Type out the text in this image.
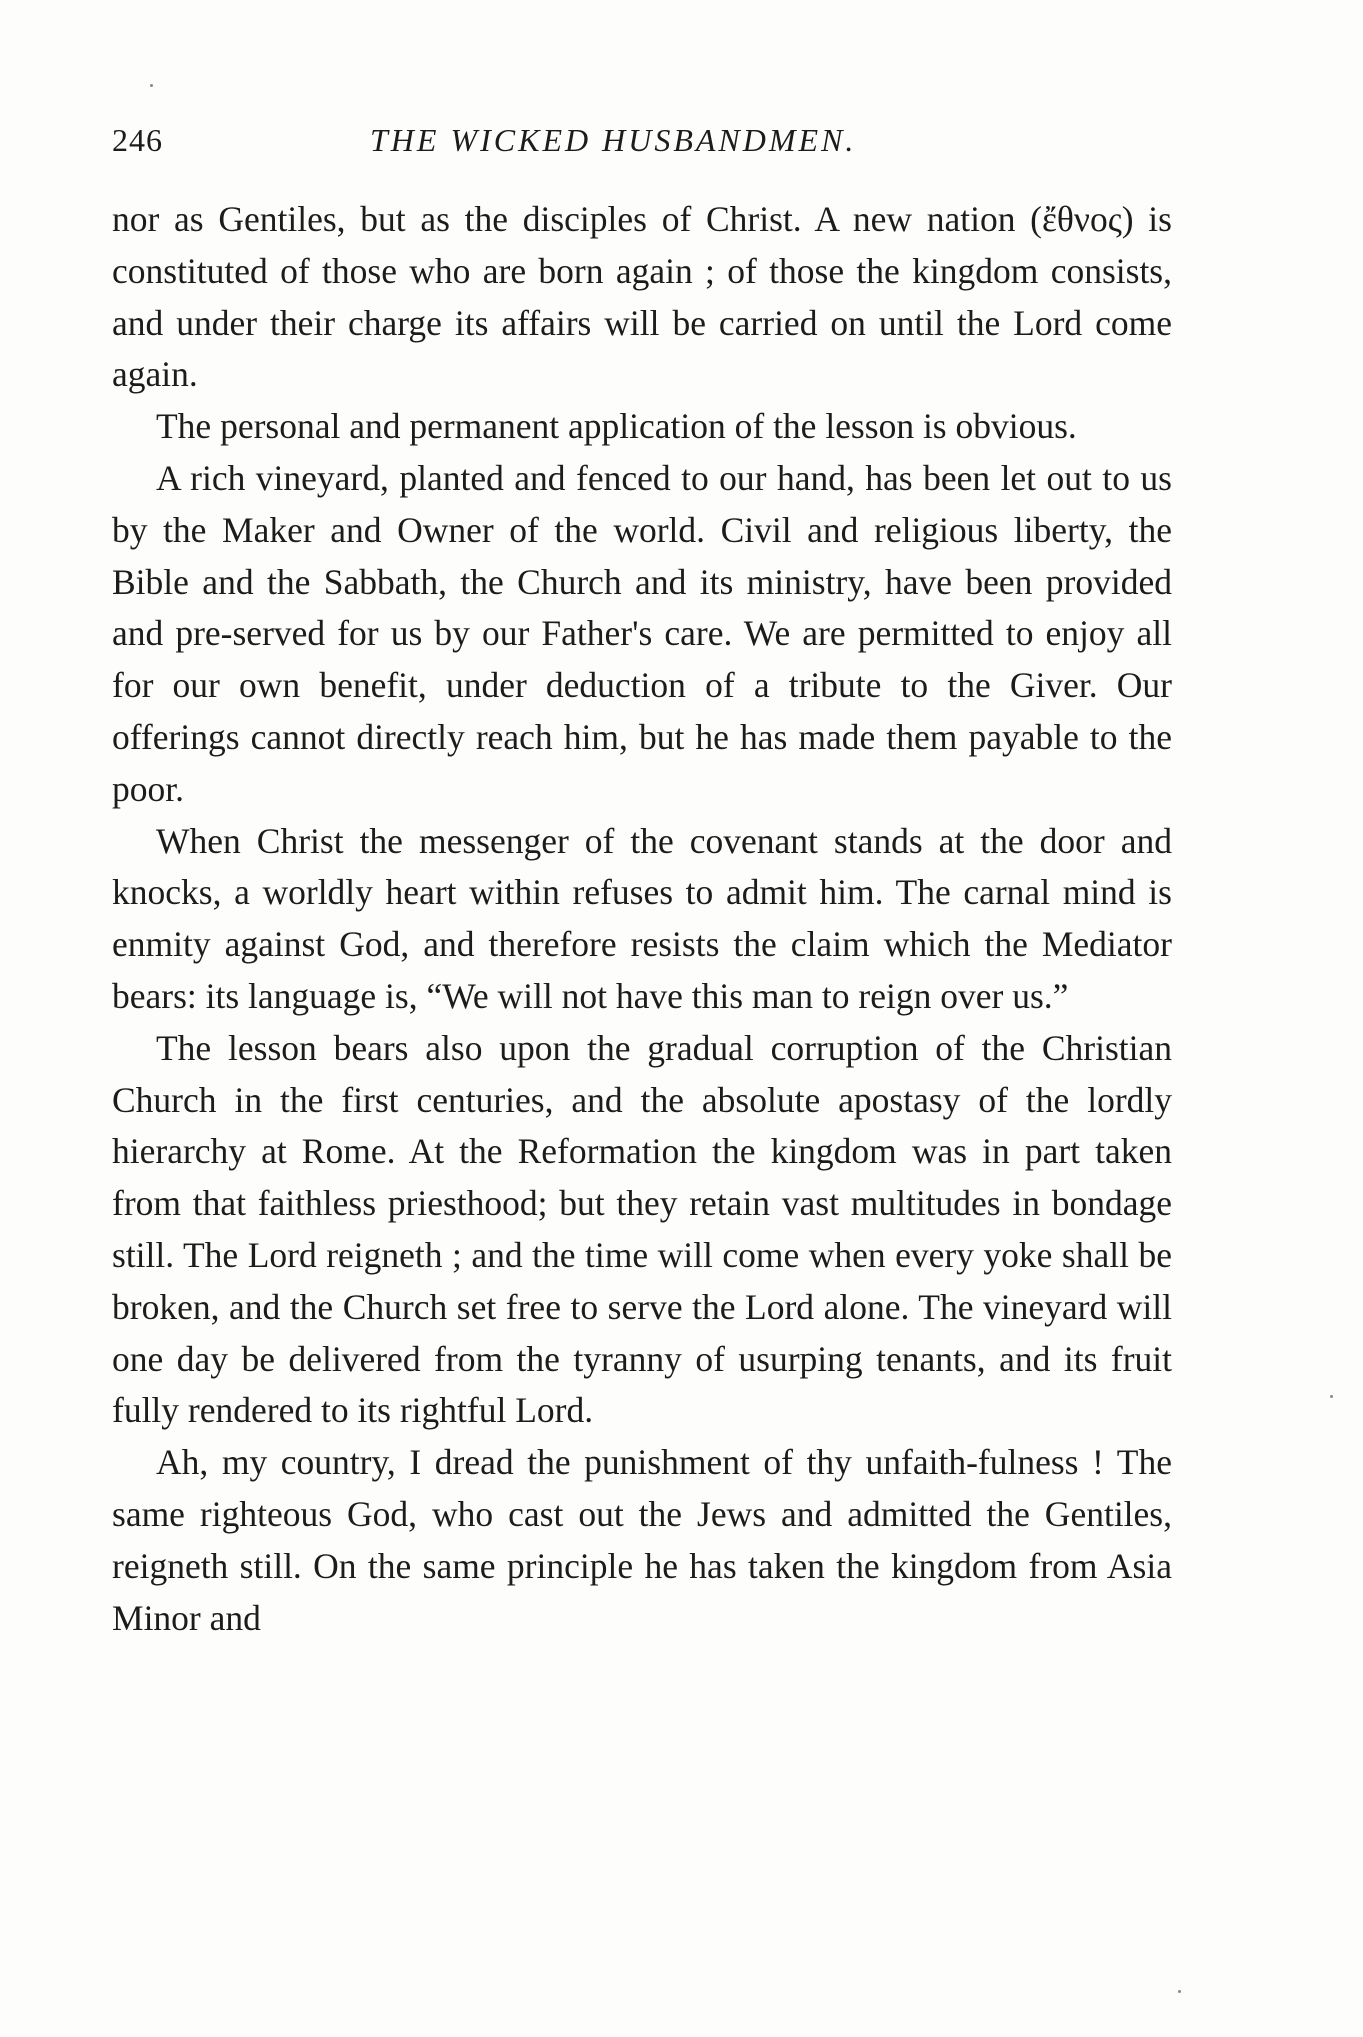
246	THE WICKED HUSBANDMEN.

nor as Gentiles, but as the disciples of Christ. A new nation (ἔθνος) is constituted of those who are born again ; of those the kingdom consists, and under their charge its affairs will be carried on until the Lord come again.

The personal and permanent application of the lesson is obvious.

A rich vineyard, planted and fenced to our hand, has been let out to us by the Maker and Owner of the world. Civil and religious liberty, the Bible and the Sabbath, the Church and its ministry, have been provided and pre-served for us by our Father's care. We are permitted to enjoy all for our own benefit, under deduction of a tribute to the Giver. Our offerings cannot directly reach him, but he has made them payable to the poor.

When Christ the messenger of the covenant stands at the door and knocks, a worldly heart within refuses to admit him. The carnal mind is enmity against God, and therefore resists the claim which the Mediator bears: its language is, “We will not have this man to reign over us.”

The lesson bears also upon the gradual corruption of the Christian Church in the first centuries, and the absolute apostasy of the lordly hierarchy at Rome. At the Reformation the kingdom was in part taken from that faithless priesthood; but they retain vast multitudes in bondage still. The Lord reigneth ; and the time will come when every yoke shall be broken, and the Church set free to serve the Lord alone. The vineyard will one day be delivered from the tyranny of usurping tenants, and its fruit fully rendered to its rightful Lord.

Ah, my country, I dread the punishment of thy unfaith-fulness ! The same righteous God, who cast out the Jews and admitted the Gentiles, reigneth still. On the same principle he has taken the kingdom from Asia Minor and
